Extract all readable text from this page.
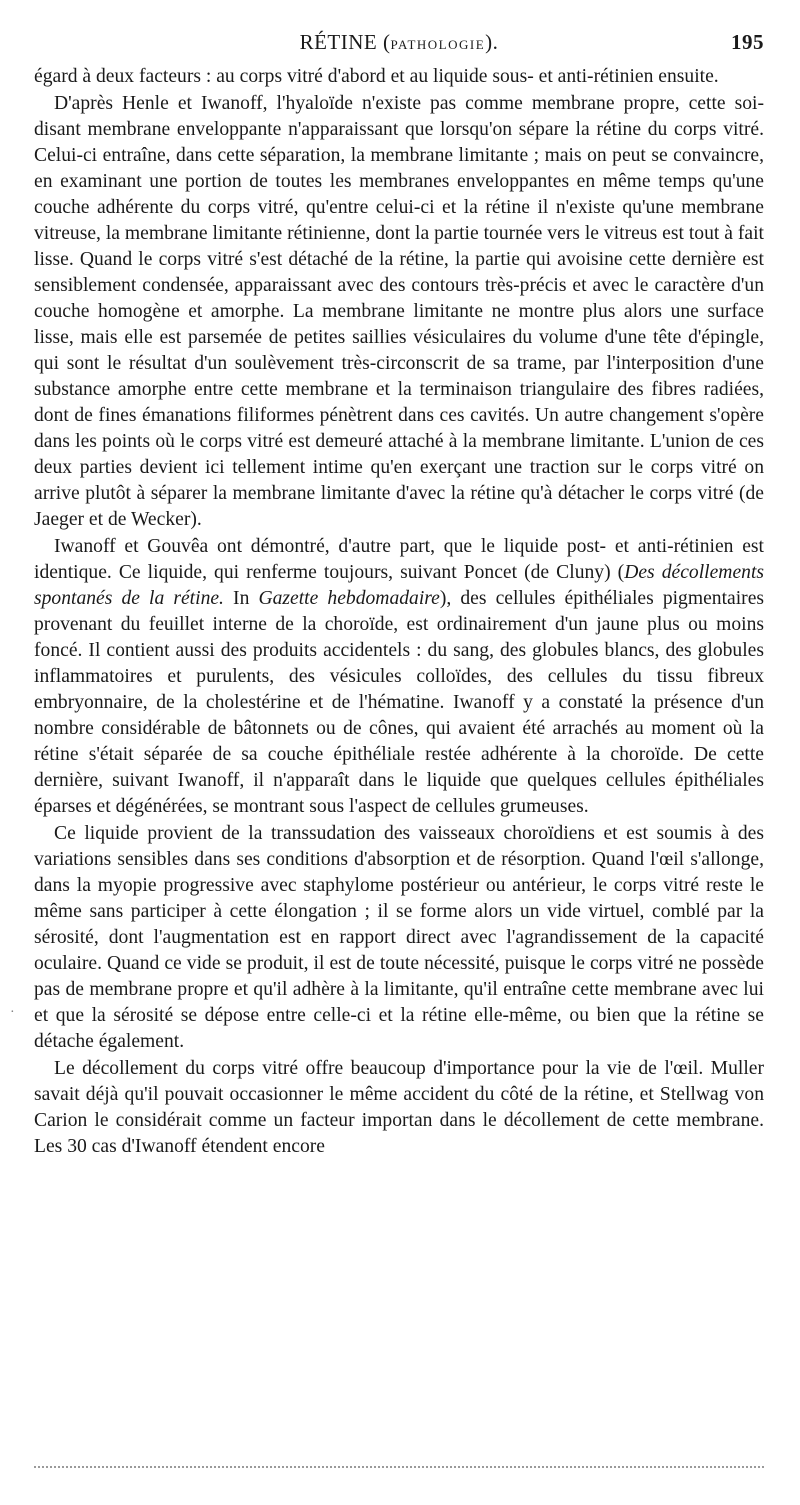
RÉTINE (PATHOLOGIE).	195

égard à deux facteurs : au corps vitré d'abord et au liquide sous- et anti-rétinien ensuite.

D'après Henle et Iwanoff, l'hyaloïde n'existe pas comme membrane propre, cette soi-disant membrane enveloppante n'apparaissant que lorsqu'on sépare la rétine du corps vitré. Celui-ci entraîne, dans cette séparation, la membrane limitante ; mais on peut se convaincre, en examinant une portion de toutes les membranes enveloppantes en même temps qu'une couche adhérente du corps vitré, qu'entre celui-ci et la rétine il n'existe qu'une membrane vitreuse, la membrane limitante rétinienne, dont la partie tournée vers le vitreus est tout à fait lisse. Quand le corps vitré s'est détaché de la rétine, la partie qui avoisine cette dernière est sensiblement condensée, apparaissant avec des contours très-précis et avec le caractère d'un couche homogène et amorphe. La membrane limitante ne montre plus alors une surface lisse, mais elle est parsemée de petites saillies vésiculaires du volume d'une tête d'épingle, qui sont le résultat d'un soulèvement très-circonscrit de sa trame, par l'interposition d'une substance amorphe entre cette membrane et la terminaison triangulaire des fibres radiées, dont de fines émanations filiformes pénètrent dans ces cavités. Un autre changement s'opère dans les points où le corps vitré est demeuré attaché à la membrane limitante. L'union de ces deux parties devient ici tellement intime qu'en exerçant une traction sur le corps vitré on arrive plutôt à séparer la membrane limitante d'avec la rétine qu'à détacher le corps vitré (de Jaeger et de Wecker).

Iwanoff et Gouvêa ont démontré, d'autre part, que le liquide post- et anti-rétinien est identique. Ce liquide, qui renferme toujours, suivant Poncet (de Cluny) (Des décollements spontanés de la rétine. In Gazette hebdomadaire), des cellules épithéliales pigmentaires provenant du feuillet interne de la choroïde, est ordinairement d'un jaune plus ou moins foncé. Il contient aussi des produits accidentels : du sang, des globules blancs, des globules inflammatoires et purulents, des vésicules colloïdes, des cellules du tissu fibreux embryonnaire, de la cholestérine et de l'hématine. Iwanoff y a constaté la présence d'un nombre considérable de bâtonnets ou de cônes, qui avaient été arrachés au moment où la rétine s'était séparée de sa couche épithéliale restée adhérente à la choroïde. De cette dernière, suivant Iwanoff, il n'apparaît dans le liquide que quelques cellules épithéliales éparses et dégénérées, se montrant sous l'aspect de cellules grumeuses.

Ce liquide provient de la transsudation des vaisseaux choroïdiens et est soumis à des variations sensibles dans ses conditions d'absorption et de résorption. Quand l'œil s'allonge, dans la myopie progressive avec staphylome postérieur ou antérieur, le corps vitré reste le même sans participer à cette élongation ; il se forme alors un vide virtuel, comblé par la sérosité, dont l'augmentation est en rapport direct avec l'agrandissement de la capacité oculaire. Quand ce vide se produit, il est de toute nécessité, puisque le corps vitré ne possède pas de membrane propre et qu'il adhère à la limitante, qu'il entraîne cette membrane avec lui et que la sérosité se dépose entre celle-ci et la rétine elle-même, ou bien que la rétine se détache également.

Le décollement du corps vitré offre beaucoup d'importance pour la vie de l'œil. Muller savait déjà qu'il pouvait occasionner le même accident du côté de la rétine, et Stellwag von Carion le considérait comme un facteur importan dans le décollement de cette membrane. Les 30 cas d'Iwanoff étendent encore

·
